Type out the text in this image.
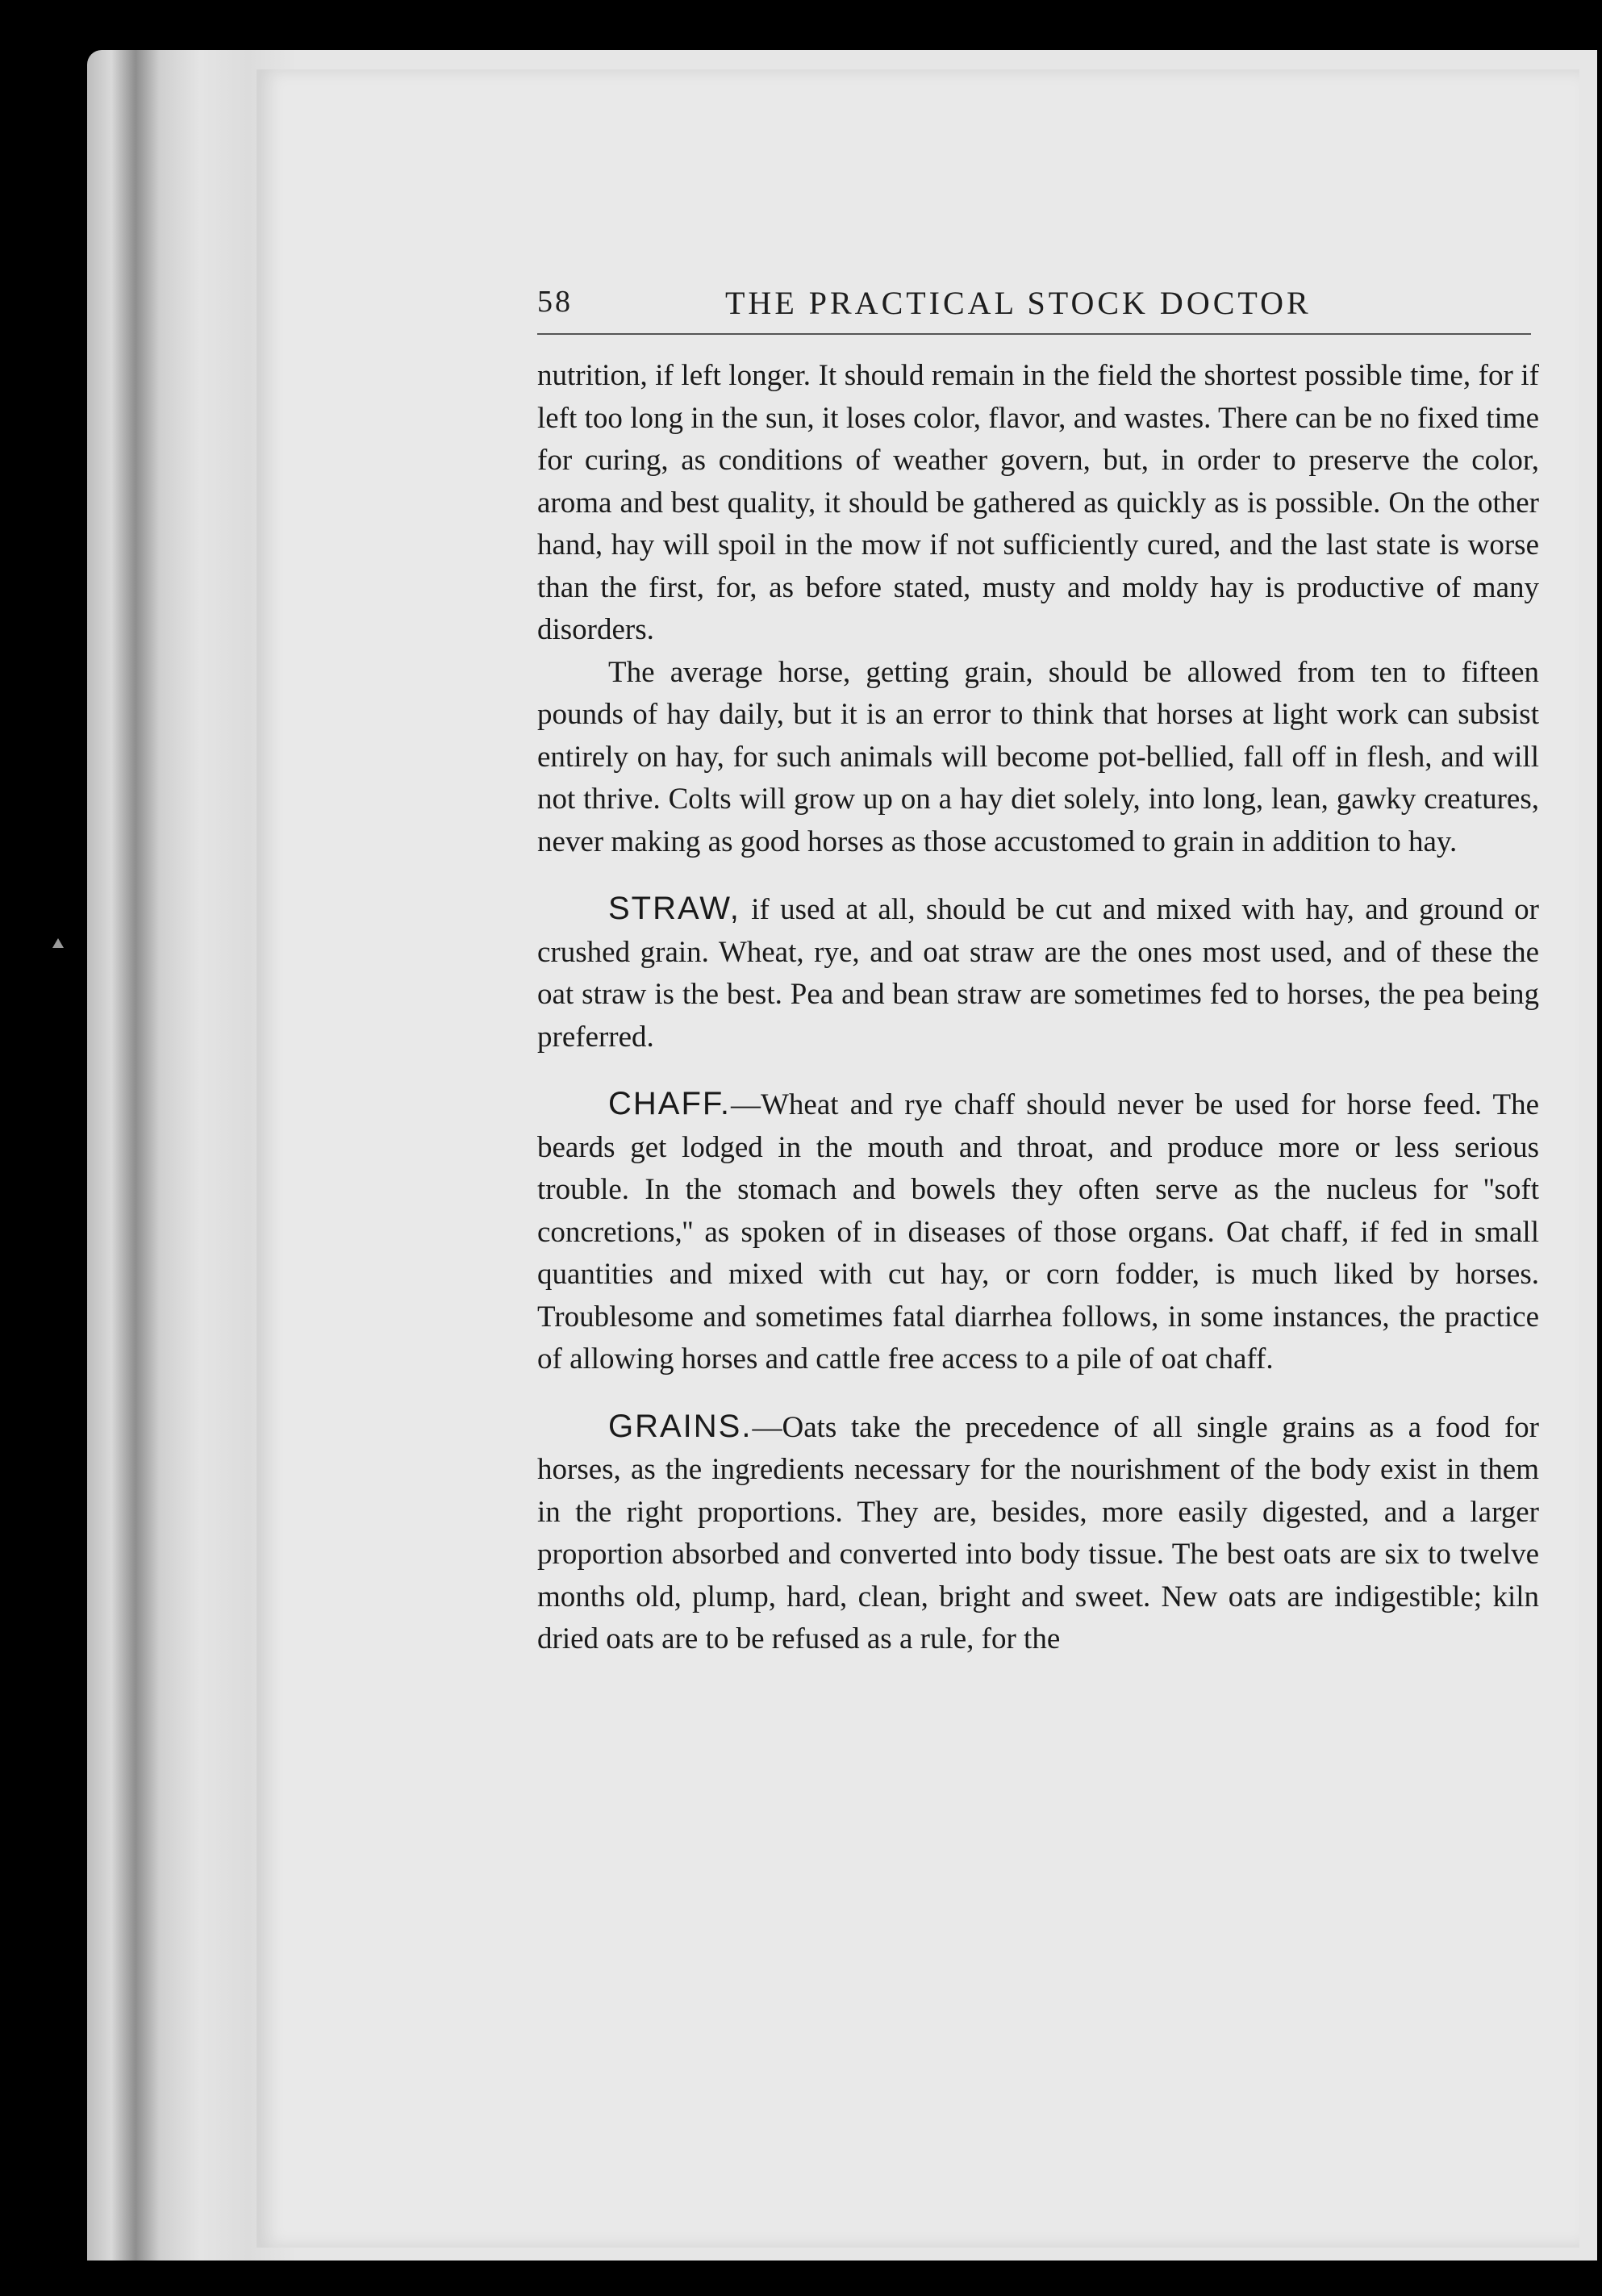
58	THE PRACTICAL STOCK DOCTOR

nutrition, if left longer. It should remain in the field the shortest possible time, for if left too long in the sun, it loses color, flavor, and wastes. There can be no fixed time for curing, as conditions of weather govern, but, in order to preserve the color, aroma and best quality, it should be gathered as quickly as is possible. On the other hand, hay will spoil in the mow if not sufficiently cured, and the last state is worse than the first, for, as before stated, musty and moldy hay is productive of many disorders.

The average horse, getting grain, should be allowed from ten to fifteen pounds of hay daily, but it is an error to think that horses at light work can subsist entirely on hay, for such animals will become pot-bellied, fall off in flesh, and will not thrive. Colts will grow up on a hay diet solely, into long, lean, gawky creatures, never making as good horses as those accustomed to grain in addition to hay.

STRAW, if used at all, should be cut and mixed with hay, and ground or crushed grain. Wheat, rye, and oat straw are the ones most used, and of these the oat straw is the best. Pea and bean straw are sometimes fed to horses, the pea being preferred.

CHAFF.—Wheat and rye chaff should never be used for horse feed. The beards get lodged in the mouth and throat, and produce more or less serious trouble. In the stomach and bowels they often serve as the nucleus for ''soft concretions,'' as spoken of in diseases of those organs. Oat chaff, if fed in small quantities and mixed with cut hay, or corn fodder, is much liked by horses. Troublesome and sometimes fatal diarrhea follows, in some instances, the practice of allowing horses and cattle free access to a pile of oat chaff.

GRAINS.—Oats take the precedence of all single grains as a food for horses, as the ingredients necessary for the nourishment of the body exist in them in the right proportions. They are, besides, more easily digested, and a larger proportion absorbed and converted into body tissue. The best oats are six to twelve months old, plump, hard, clean, bright and sweet. New oats are indigestible; kiln dried oats are to be refused as a rule, for the
